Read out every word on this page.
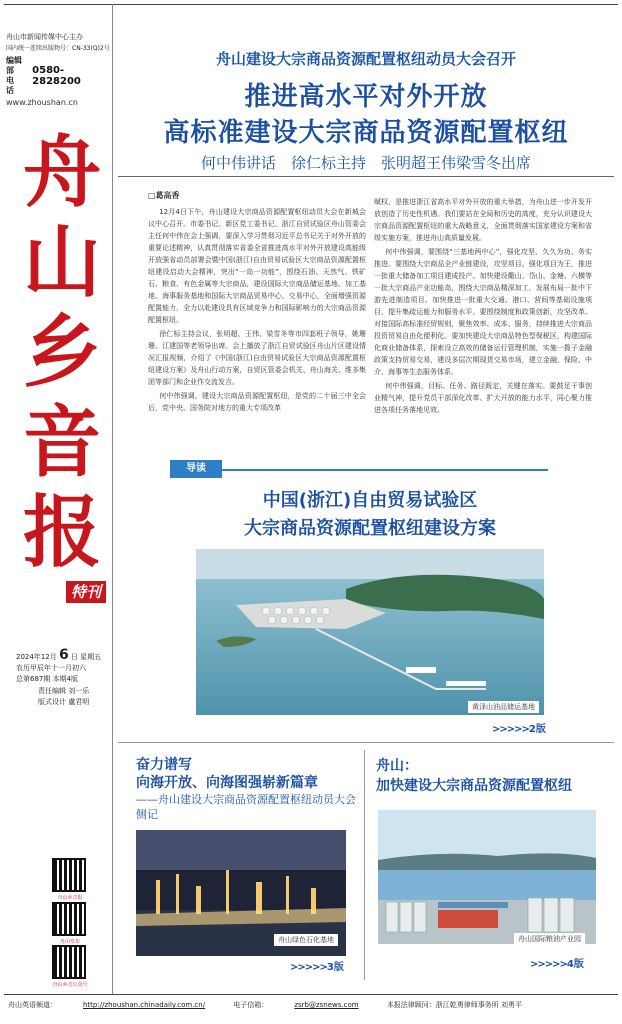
舟山市新闻传媒中心主办
国内统一连续出版物号：CN-33(Q)2号
编辑部
电　话
0580-2828200
www.zhoushan.cn
舟
山
乡
音
报
特刊
2024年12月 6 日 星期五
农历甲辰年十一月初六
总第687期 本期4版
责任编辑 刘一乐
版式设计 盧君明
舟山乡音报
舟山发布
舟山乡音公众号
舟山建设大宗商品资源配置枢纽动员大会召开
推进高水平对外开放
高标准建设大宗商品资源配置枢纽
何中伟讲话　徐仁标主持　张明超王伟梁雪冬出席
□葛高香

12月4日下午，舟山建设大宗商品资源配置枢纽动员大会在新城会议中心召开。市委书记、新区党工委书记、浙江自贸试验区舟山管委会主任何中伟在会上强调，要深入学习贯彻习近平总书记关于对外开放的重要论述精神，认真贯彻落实省委全省推进高水平对外开放建设高能级开放强省动员部署会暨中国(浙江)自由贸易试验区大宗商品资源配置枢纽建设启动大会精神，突出“一岛一功能”，围绕石油、天然气、铁矿石、粮食、有色金属等大宗商品，建设国际大宗商品储运基地、加工基地、海事服务基地和国际大宗商品贸易中心、交易中心，全面增强资源配置能力，全力以赴建设具有区域竞争力和国际影响力的大宗商品资源配置枢纽。

徐仁标主持会议，张明超、王伟、梁雪冬等市四套班子领导，姚珊珊、江建国等老领导出席。会上播放了浙江自贸试验区舟山片区建设情况汇报视频，介绍了《中国(浙江)自由贸易试验区大宗商品资源配置枢纽建设方案》及舟山行动方案，自贸区管委会机关、舟山海关、维多集团等部门和企业作交流发言。

何中伟强调，建设大宗商品资源配置枢纽，是党的二十届三中全会后，党中央、国务院对地方的重大专项改革

赋权，是推进浙江省高水平对外开放的重大举措，为舟山进一步开发开放创造了历史性机遇。我们要站在全局和历史的高度，充分认识建设大宗商品资源配置枢纽的重大战略意义，全面贯彻落实国家建设方案和省级实施方案，推进舟山高质量发展。

何中伟强调，要围绕“三基地两中心”，强化攻坚、久久为功、务实推进。要围绕大宗商品全产业链建设，攻坚项目。强化项目为王，推进一批重大储备加工项目建成投产。加快建设衢山、岱山、金塘、六横等一批大宗商品产业功能岛，围绕大宗商品精深加工，发展布局一批中下游先进制造项目。加快推进一批重大交通、港口、营间等基础设施项目，提升集疏运能力和服务水平。要围绕制度和政策创新，攻坚改革。对接国际高标准经贸规则，聚焦效率、成本、服务，持续推进大宗商品投资贸易自由化便利化。要加快建设大宗商品特色型保税区，构建国际化商业储备体系，探索设立高效的储备运行管理机制，实施一揽子金融政策支持贸易交易，建设多层次期现货交易市场，建立金融、保险、中介、海事等生态服务体系。

何中伟强调，目标、任务、路径既定，关键在落实。要鼓足干事创业精气神，提升党员干部深化改革、扩大开放的能力水平，同心聚力推进各项任务落地见效。

导读
中国(浙江)自由贸易试验区
大宗商品资源配置枢纽建设方案
黄泽山油品储运基地
>>>>>2版
奋力谱写
向海开放、向海图强崭新篇章
——舟山建设大宗商品资源配置枢纽动员大会侧记
舟山绿色石化基地
>>>>>3版
舟山：
加快建设大宗商品资源配置枢纽
舟山国际粮油产业园
>>>>>4版
舟山英语频道：	http://zhoushan.chinadaily.com.cn/	电子信箱：	zsrb@zsnews.com	本报法律顾问：浙江乾勇律师事务所 刘勇平
